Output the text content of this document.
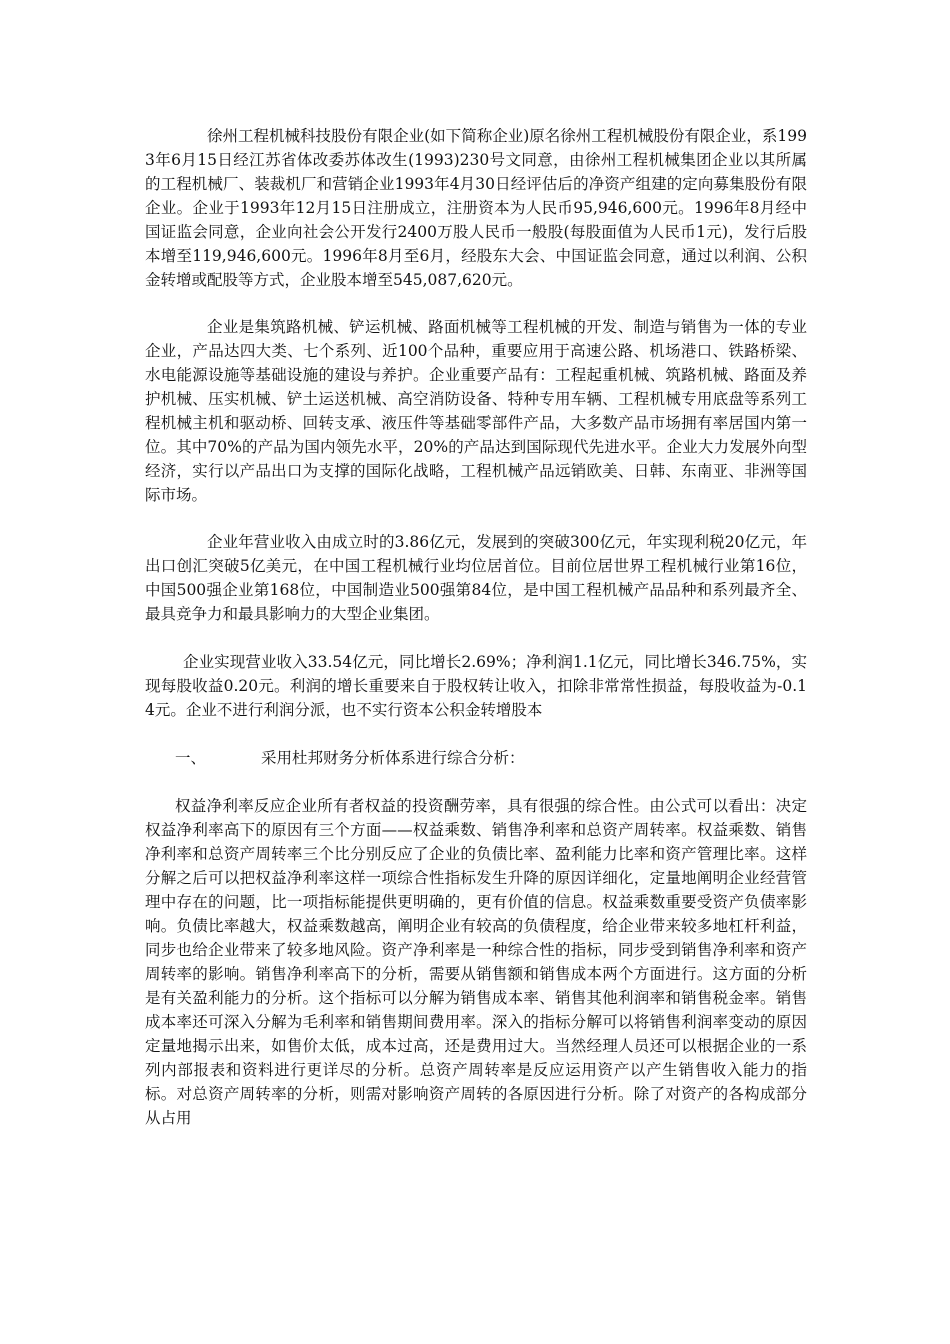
徐州工程机械科技股份有限企业(如下简称企业)原名徐州工程机械股份有限企业，系1993年6月15日经江苏省体改委苏体改生(1993)230号文同意，由徐州工程机械集团企业以其所属的工程机械厂、装裁机厂和营销企业1993年4月30日经评估后的净资产组建的定向募集股份有限企业。企业于1993年12月15日注册成立，注册资本为人民币95,946,600元。1996年8月经中国证监会同意，企业向社会公开发行2400万股人民币一般股(每股面值为人民币1元)，发行后股本增至119,946,600元。1996年8月至6月，经股东大会、中国证监会同意，通过以利润、公积金转增或配股等方式，企业股本增至545,087,620元。

企业是集筑路机械、铲运机械、路面机械等工程机械的开发、制造与销售为一体的专业企业，产品达四大类、七个系列、近100个品种，重要应用于高速公路、机场港口、铁路桥梁、水电能源设施等基础设施的建设与养护。企业重要产品有：工程起重机械、筑路机械、路面及养护机械、压实机械、铲土运送机械、高空消防设备、特种专用车辆、工程机械专用底盘等系列工程机械主机和驱动桥、回转支承、液压件等基础零部件产品，大多数产品市场拥有率居国内第一位。其中70%的产品为国内领先水平，20%的产品达到国际现代先进水平。企业大力发展外向型经济，实行以产品出口为支撑的国际化战略，工程机械产品远销欧美、日韩、东南亚、非洲等国际市场。

企业年营业收入由成立时的3.86亿元，发展到的突破300亿元，年实现利税20亿元，年出口创汇突破5亿美元，在中国工程机械行业均位居首位。目前位居世界工程机械行业第16位，中国500强企业第168位，中国制造业500强第84位，是中国工程机械产品品种和系列最齐全、最具竞争力和最具影响力的大型企业集团。

企业实现营业收入33.54亿元，同比增长2.69%；净利润1.1亿元，同比增长346.75%，实现每股收益0.20元。利润的增长重要来自于股权转让收入，扣除非常常性损益，每股收益为-0.14元。企业不进行利润分派，也不实行资本公积金转增股本

一、	采用杜邦财务分析体系进行综合分析：

权益净利率反应企业所有者权益的投资酬劳率，具有很强的综合性。由公式可以看出：决定权益净利率高下的原因有三个方面——权益乘数、销售净利率和总资产周转率。权益乘数、销售净利率和总资产周转率三个比分别反应了企业的负债比率、盈利能力比率和资产管理比率。这样分解之后可以把权益净利率这样一项综合性指标发生升降的原因详细化，定量地阐明企业经营管理中存在的问题，比一项指标能提供更明确的，更有价值的信息。权益乘数重要受资产负债率影响。负债比率越大，权益乘数越高，阐明企业有较高的负债程度，给企业带来较多地杠杆利益，同步也给企业带来了较多地风险。资产净利率是一种综合性的指标，同步受到销售净利率和资产周转率的影响。销售净利率高下的分析，需要从销售额和销售成本两个方面进行。这方面的分析是有关盈利能力的分析。这个指标可以分解为销售成本率、销售其他利润率和销售税金率。销售成本率还可深入分解为毛利率和销售期间费用率。深入的指标分解可以将销售利润率变动的原因定量地揭示出来，如售价太低，成本过高，还是费用过大。当然经理人员还可以根据企业的一系列内部报表和资料进行更详尽的分析。总资产周转率是反应运用资产以产生销售收入能力的指标。对总资产周转率的分析，则需对影响资产周转的各原因进行分析。除了对资产的各构成部分从占用
